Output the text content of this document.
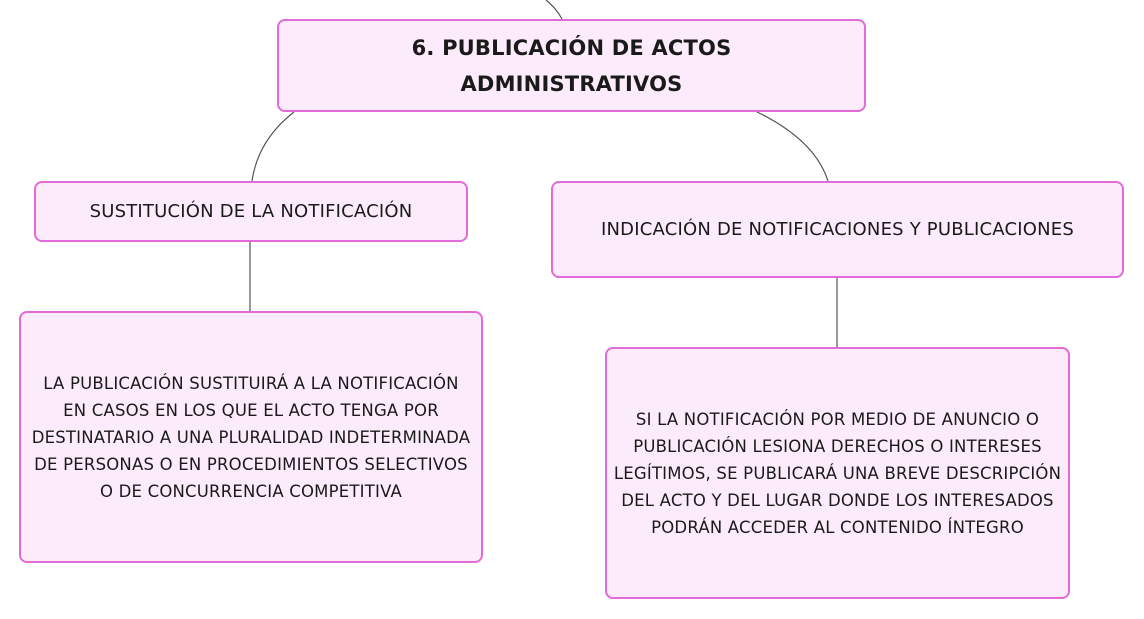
6. PUBLICACIÓN DE ACTOS ADMINISTRATIVOS
SUSTITUCIÓN DE LA NOTIFICACIÓN
INDICACIÓN DE NOTIFICACIONES Y PUBLICACIONES
LA PUBLICACIÓN SUSTITUIRÁ A LA NOTIFICACIÓN EN CASOS EN LOS QUE EL ACTO TENGA POR DESTINATARIO A UNA PLURALIDAD INDETERMINADA DE PERSONAS O EN PROCEDIMIENTOS SELECTIVOS O DE CONCURRENCIA COMPETITIVA
SI LA NOTIFICACIÓN POR MEDIO DE ANUNCIO O PUBLICACIÓN LESIONA DERECHOS O INTERESES LEGÍTIMOS, SE PUBLICARÁ UNA BREVE DESCRIPCIÓN DEL ACTO Y DEL LUGAR DONDE LOS INTERESADOS PODRÁN ACCEDER AL CONTENIDO ÍNTEGRO
